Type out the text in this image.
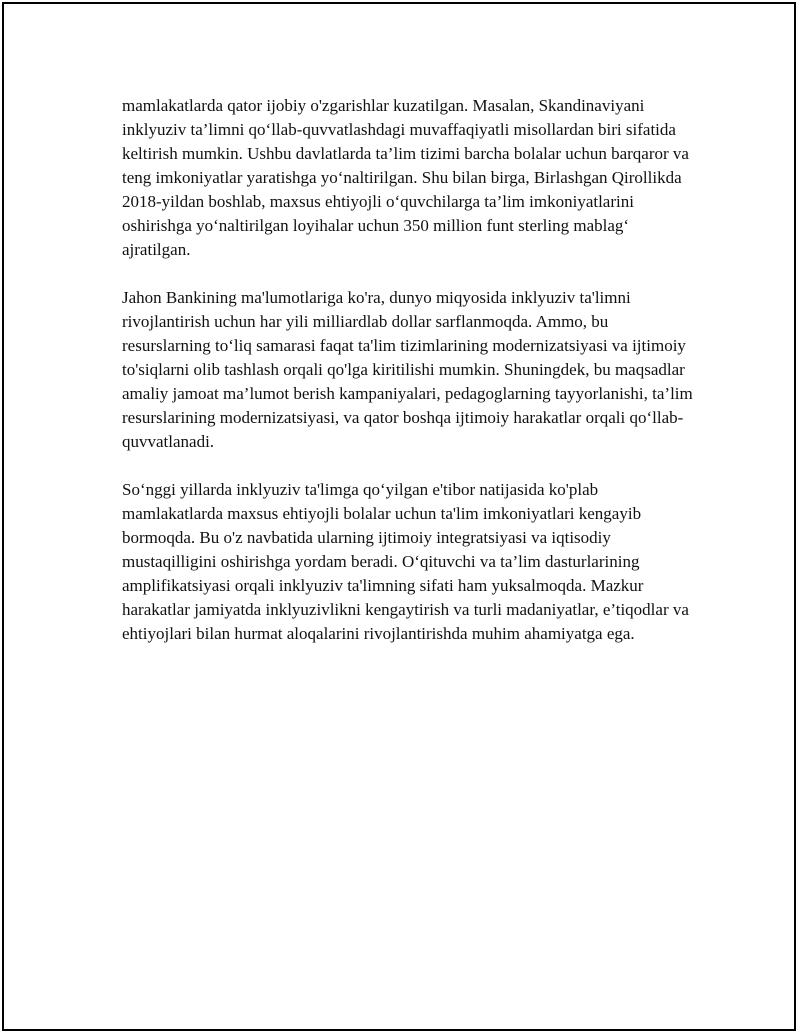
mamlakatlarda qator ijobiy o'zgarishlar kuzatilgan. Masalan, Skandinaviyani inklyuziv ta’limni qo‘llab-quvvatlashdagi muvaffaqiyatli misollardan biri sifatida keltirish mumkin. Ushbu davlatlarda ta’lim tizimi barcha bolalar uchun barqaror va teng imkoniyatlar yaratishga yo‘naltirilgan. Shu bilan birga, Birlashgan Qirollikda 2018-yildan boshlab, maxsus ehtiyojli o‘quvchilarga ta’lim imkoniyatlarini oshirishga yo‘naltirilgan loyihalar uchun 350 million funt sterling mablag‘ ajratilgan.

Jahon Bankining ma'lumotlariga ko'ra, dunyo miqyosida inklyuziv ta'limni rivojlantirish uchun har yili milliardlab dollar sarflanmoqda. Ammo, bu resurslarning to‘liq samarasi faqat ta'lim tizimlarining modernizatsiyasi va ijtimoiy to'siqlarni olib tashlash orqali qo'lga kiritilishi mumkin. Shuningdek, bu maqsadlar amaliy jamoat ma’lumot berish kampaniyalari, pedagoglarning tayyorlanishi, ta’lim resurslarining modernizatsiyasi, va qator boshqa ijtimoiy harakatlar orqali qo‘llab-quvvatlanadi.

So‘nggi yillarda inklyuziv ta'limga qo‘yilgan e'tibor natijasida ko'plab mamlakatlarda maxsus ehtiyojli bolalar uchun ta'lim imkoniyatlari kengayib bormoqda. Bu o'z navbatida ularning ijtimoiy integratsiyasi va iqtisodiy mustaqilligini oshirishga yordam beradi. O‘qituvchi va ta’lim dasturlarining amplifikatsiyasi orqali inklyuziv ta'limning sifati ham yuksalmoqda. Mazkur harakatlar jamiyatda inklyuzivlikni kengaytirish va turli madaniyatlar, e’tiqodlar va ehtiyojlari bilan hurmat aloqalarini rivojlantirishda muhim ahamiyatga ega.
